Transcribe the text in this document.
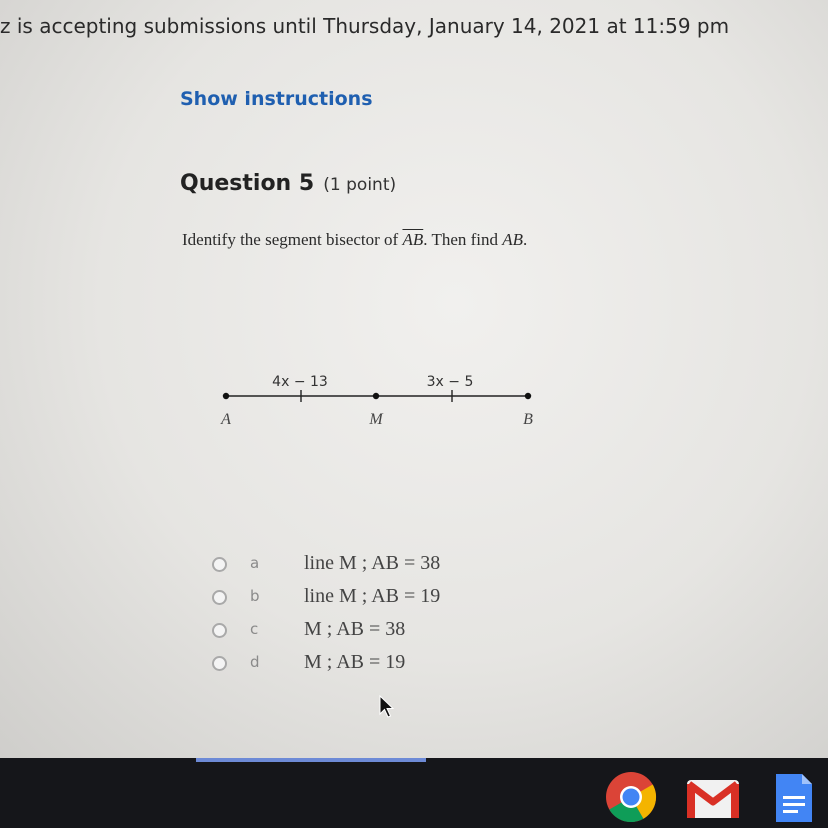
z is accepting submissions until Thursday, January 14, 2021 at 11:59 pm
Show instructions
Question 5 (1 point)
Identify the segment bisector of $\overline{AB}$. Then find AB.
4x − 13	3x − 5
A	M	B
a line M ; AB = 38
b line M ; AB = 19
c M ; AB = 38
d M ; AB = 19
